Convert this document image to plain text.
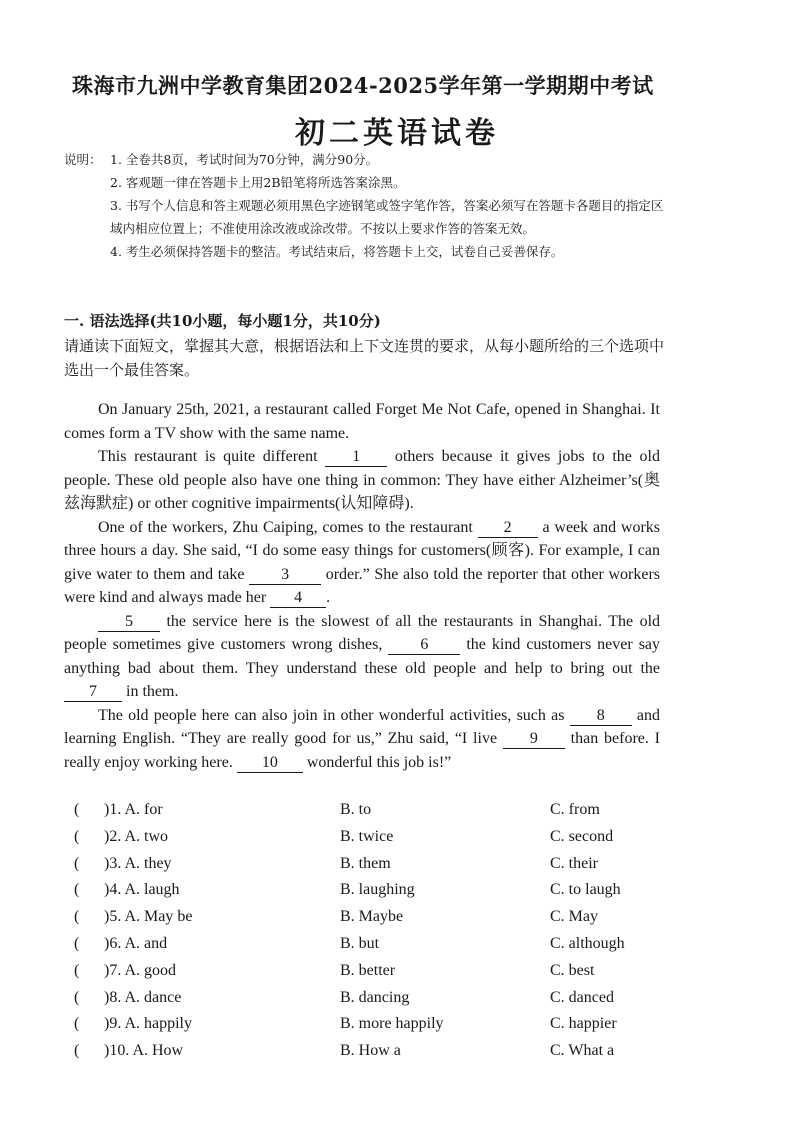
珠海市九洲中学教育集团2024-2025学年第一学期期中考试
初二英语试卷
说明： 1. 全卷共8页，考试时间为70分钟，满分90分。
2. 客观题一律在答题卡上用2B铅笔将所选答案涂黑。
3. 书写个人信息和答主观题必须用黑色字迹钢笔或签字笔作答，答案必须写在答题卡各题目的指定区域内相应位置上；不准使用涂改液或涂改带。不按以上要求作答的答案无效。
4. 考生必须保持答题卡的整洁。考试结束后，将答题卡上交，试卷自己妥善保存。
一. 语法选择(共10小题，每小题1分，共10分)
请通读下面短文，掌握其大意，根据语法和上下文连贯的要求，从每小题所给的三个选项中选出一个最佳答案。

On January 25th, 2021, a restaurant called Forget Me Not Cafe, opened in Shanghai. It comes form a TV show with the same name.

This restaurant is quite different 1 others because it gives jobs to the old people. These old people also have one thing in common: They have either Alzheimer’s(奥兹海默症) or other cognitive impairments(认知障碍).

One of the workers, Zhu Caiping, comes to the restaurant 2 a week and works three hours a day. She said, “I do some easy things for customers(顾客). For example, I can give water to them and take 3 order.” She also told the reporter that other workers were kind and always made her 4 .

5 the service here is the slowest of all the restaurants in Shanghai. The old people sometimes give customers wrong dishes, 6 the kind customers never say anything bad about them. They understand these old people and help to bring out the 7 in them.

The old people here can also join in other wonderful activities, such as 8 and learning English. “They are really good for us,” Zhu said, “I live 9 than before. I really enjoy working here. 10 wonderful this job is!”

( )1. A. for	B. to	C. from
( )2. A. two	B. twice	C. second
( )3. A. they	B. them	C. their
( )4. A. laugh	B. laughing	C. to laugh
( )5. A. May be	B. Maybe	C. May
( )6. A. and	B. but	C. although
( )7. A. good	B. better	C. best
( )8. A. dance	B. dancing	C. danced
( )9. A. happily	B. more happily	C. happier
( )10. A. How	B. How a	C. What a
